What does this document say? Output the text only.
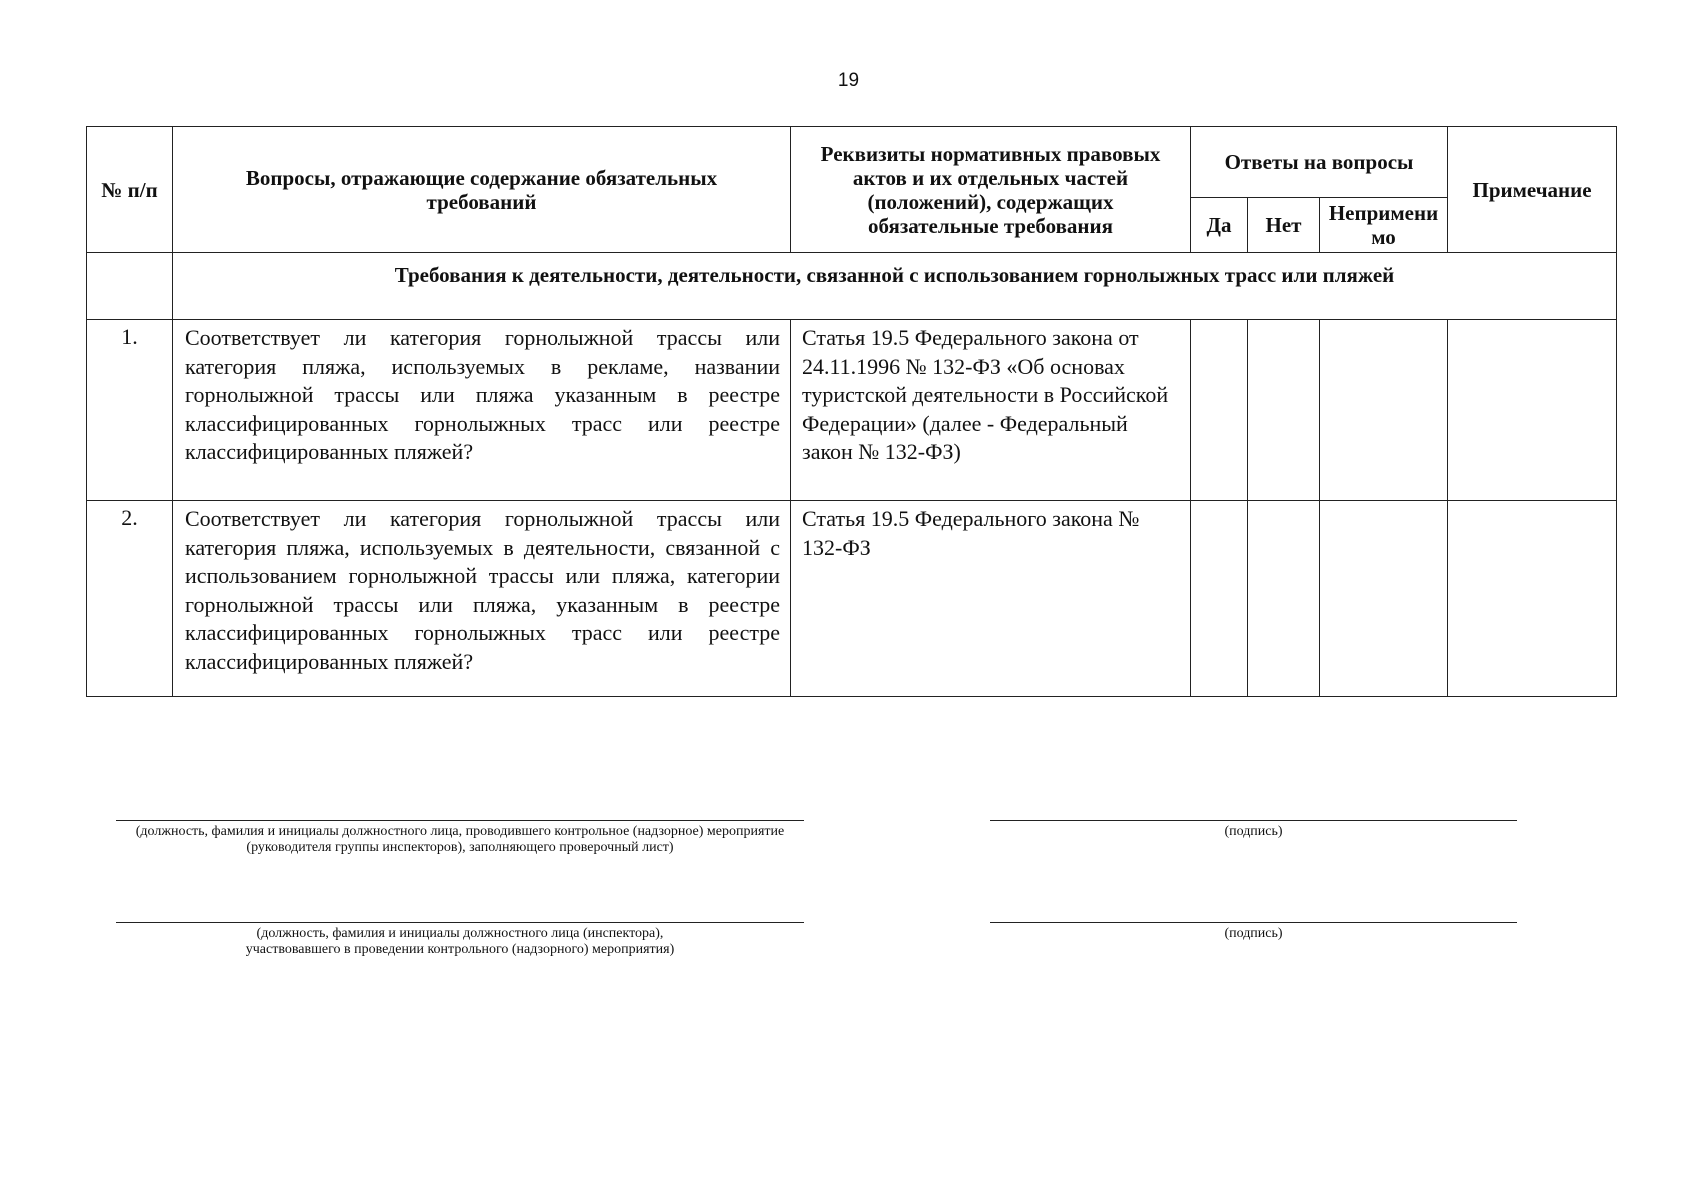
19
№ п/п	Вопросы, отражающие содержание обязательных требований	Реквизиты нормативных правовых актов и их отдельных частей (положений), содержащих обязательные требования	Ответы на вопросы			Примечание
			Да	Нет	Неприменимо	
	Требования к деятельности, деятельности, связанной с использованием горнолыжных трасс или пляжей					
1.	Соответствует ли категория горнолыжной трассы или категория пляжа, используемых в рекламе, названии горнолыжной трассы или пляжа указанным в реестре классифицированных горнолыжных трасс или реестре классифицированных пляжей?	Статья 19.5 Федерального закона от 24.11.1996 № 132-ФЗ «Об основах туристской деятельности в Российской Федерации» (далее - Федеральный закон № 132-ФЗ)				
2.	Соответствует ли категория горнолыжной трассы или категория пляжа, используемых в деятельности, связанной с использованием горнолыжной трассы или пляжа, категории горнолыжной трассы или пляжа, указанным в реестре классифицированных горнолыжных трасс или реестре классифицированных пляжей?	Статья 19.5 Федерального закона № 132-ФЗ				
(должность, фамилия и инициалы должностного лица, проводившего контрольное (надзорное) мероприятие (руководителя группы инспекторов), заполняющего проверочный лист)
(подпись)
(должность, фамилия и инициалы должностного лица (инспектора), участвовавшего в проведении контрольного (надзорного) мероприятия)
(подпись)
